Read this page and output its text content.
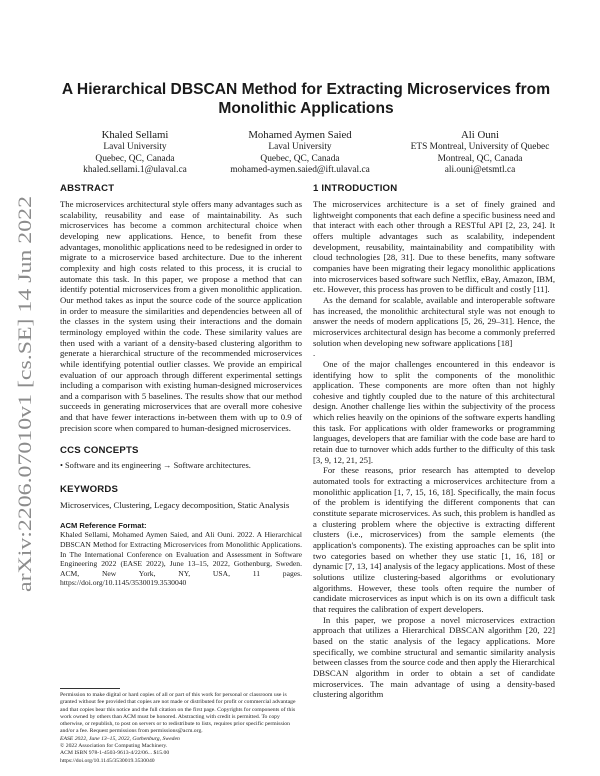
arXiv:2206.07010v1 [cs.SE] 14 Jun 2022
A Hierarchical DBSCAN Method for Extracting Microservices from Monolithic Applications
Khaled Sellami
Laval University
Quebec, QC, Canada
khaled.sellami.1@ulaval.ca
Mohamed Aymen Saied
Laval University
Quebec, QC, Canada
mohamed-aymen.saied@ift.ulaval.ca
Ali Ouni
ETS Montreal, University of Quebec
Montreal, QC, Canada
ali.ouni@etsmtl.ca
ABSTRACT

The microservices architectural style offers many advantages such as scalability, reusability and ease of maintainability. As such microservices has become a common architectural choice when developing new applications. Hence, to benefit from these advantages, monolithic applications need to be redesigned in order to migrate to a microservice based architecture. Due to the inherent complexity and high costs related to this process, it is crucial to automate this task. In this paper, we propose a method that can identify potential microservices from a given monolithic application. Our method takes as input the source code of the source application in order to measure the similarities and dependencies between all of the classes in the system using their interactions and the domain terminology employed within the code. These similarity values are then used with a variant of a density-based clustering algorithm to generate a hierarchical structure of the recommended microservices while identifying potential outlier classes. We provide an empirical evaluation of our approach through different experimental settings including a comparison with existing human-designed microservices and a comparison with 5 baselines. The results show that our method succeeds in generating microservices that are overall more cohesive and that have fewer interactions in-between them with up to 0.9 of precision score when compared to human-designed microservices.

CCS CONCEPTS

• Software and its engineering → Software architectures.

KEYWORDS

Microservices, Clustering, Legacy decomposition, Static Analysis

ACM Reference Format:

Khaled Sellami, Mohamed Aymen Saied, and Ali Ouni. 2022. A Hierarchical DBSCAN Method for Extracting Microservices from Monolithic Applications. In The International Conference on Evaluation and Assessment in Software Engineering 2022 (EASE 2022), June 13–15, 2022, Gothenburg, Sweden. ACM, New York, NY, USA, 11 pages. https://doi.org/10.1145/3530019.3530040

Permission to make digital or hard copies of all or part of this work for personal or classroom use is granted without fee provided that copies are not made or distributed for profit or commercial advantage and that copies bear this notice and the full citation on the first page. Copyrights for components of this work owned by others than ACM must be honored. Abstracting with credit is permitted. To copy otherwise, or republish, to post on servers or to redistribute to lists, requires prior specific permission and/or a fee. Request permissions from permissions@acm.org.

EASE 2022, June 13–15, 2022, Gothenburg, Sweden

© 2022 Association for Computing Machinery.

ACM ISBN 978-1-4503-9613-4/22/06... $15.00

https://doi.org/10.1145/3530019.3530040

1 INTRODUCTION

The microservices architecture is a set of finely grained and lightweight components that each define a specific business need and that interact with each other through a RESTful API [2, 23, 24]. It offers multiple advantages such as scalability, independent development, reusability, maintainability and compatibility with cloud technologies [28, 31]. Due to these benefits, many software companies have been migrating their legacy monolithic applications into microservices based software such Netflix, eBay, Amazon, IBM, etc. However, this process has proven to be difficult and costly [11].

As the demand for scalable, available and interoperable software has increased, the monolithic architectural style was not enough to answer the needs of modern applications [5, 26, 29–31]. Hence, the microservices architectural design has become a commonly preferred solution when developing new software applications [18]

.

One of the major challenges encountered in this endeavor is identifying how to split the components of the monolithic application. These components are more often than not highly cohesive and tightly coupled due to the nature of this architectural design. Another challenge lies within the subjectivity of the process which relies heavily on the opinions of the software experts handling this task. For applications with older frameworks or programming languages, developers that are familiar with the code base are hard to retain due to turnover which adds further to the difficulty of this task [3, 9, 12, 21, 25].

For these reasons, prior research has attempted to develop automated tools for extracting a microservices architecture from a monolithic application [1, 7, 15, 16, 18]. Specifically, the main focus of the problem is identifying the different components that can constitute separate microservices. As such, this problem is handled as a clustering problem where the objective is extracting different clusters (i.e., microservices) from the sample elements (the application's components). The existing approaches can be split into two categories based on whether they use static [1, 16, 18] or dynamic [7, 13, 14] analysis of the legacy applications. Most of these solutions utilize clustering-based algorithms or evolutionary algorithms. However, these tools often require the number of candidate microservices as input which is on its own a difficult task that requires the calibration of expert developers.

In this paper, we propose a novel microservices extraction approach that utilizes a Hierarchical DBSCAN algorithm [20, 22] based on the static analysis of the legacy applications. More specifically, we combine structural and semantic similarity analysis between classes from the source code and then apply the Hierarchical DBSCAN algorithm in order to obtain a set of candidate microservices. The main advantage of using a density-based clustering algorithm
